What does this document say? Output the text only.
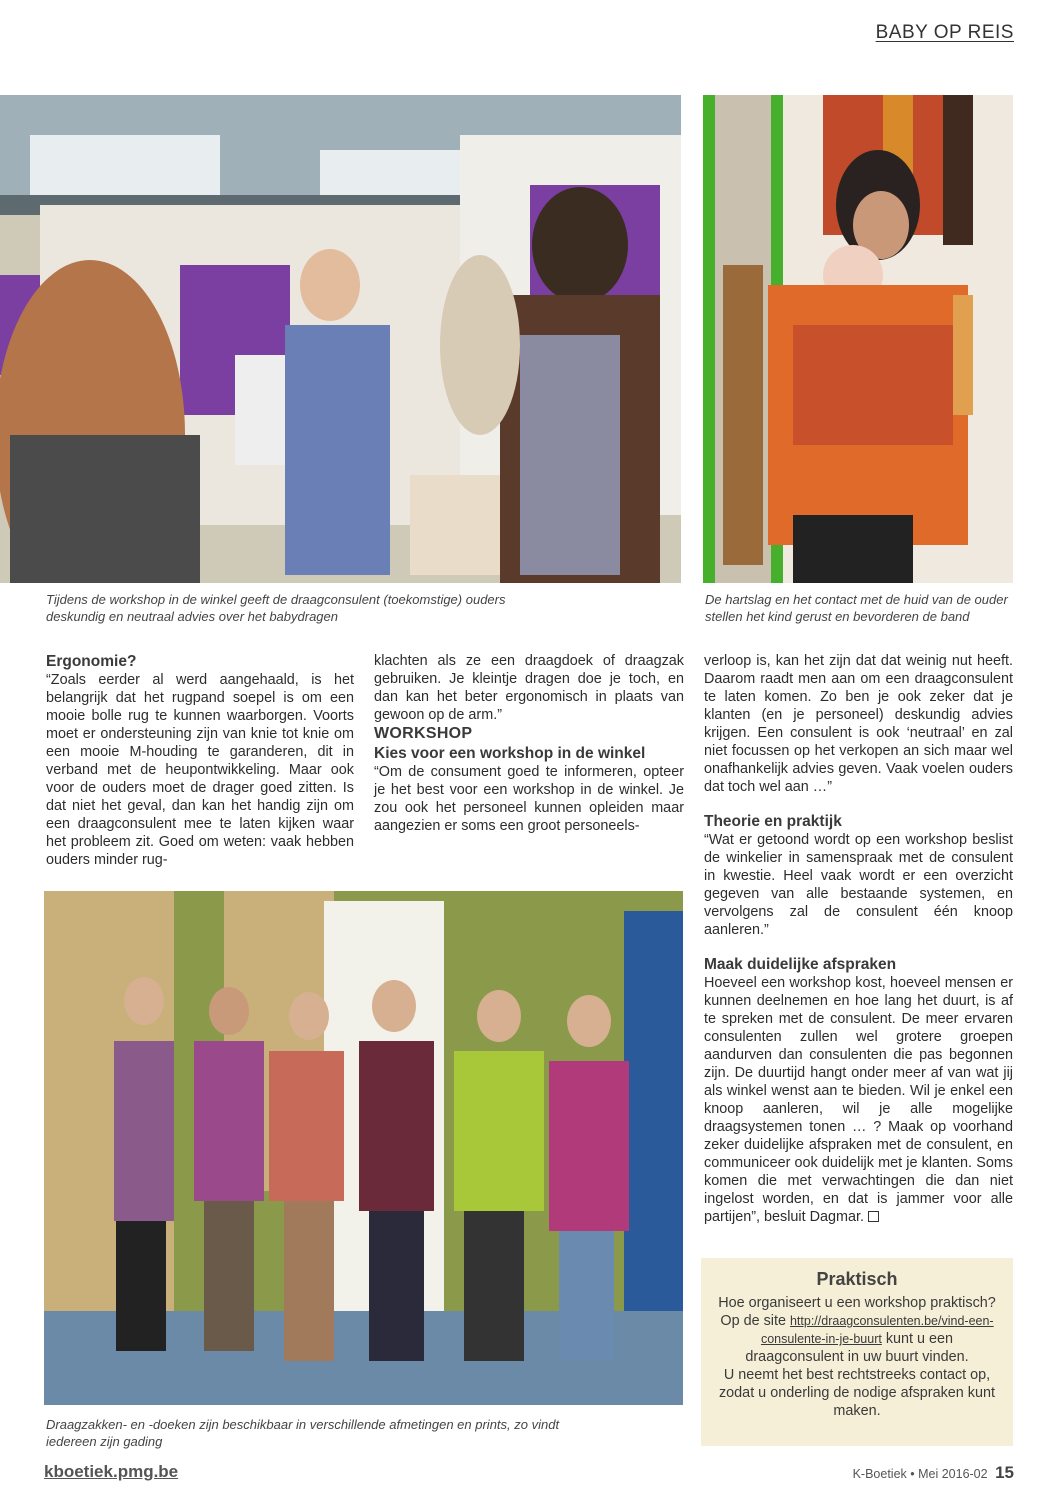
BABY OP REIS
Tijdens de workshop in de winkel geeft de draagconsulent (toekomstige) ouders deskundig en neutraal advies over het babydragen
De hartslag en het contact met de huid van de ouder stellen het kind gerust en bevorderen de band

Ergonomie?

“Zoals eerder al werd aangehaald, is het belangrijk dat het rugpand soepel is om een mooie bolle rug te kunnen waarborgen. Voorts moet er ondersteuning zijn van knie tot knie om een mooie M-houding te garanderen, dit in verband met de heupontwikkeling. Maar ook voor de ouders moet de drager goed zitten. Is dat niet het geval, dan kan het handig zijn om een draagconsulent mee te laten kijken waar het probleem zit. Goed om weten: vaak hebben ouders minder rug-

klachten als ze een draagdoek of draagzak gebruiken. Je kleintje dragen doe je toch, en dan kan het beter ergonomisch in plaats van gewoon op de arm.”

WORKSHOP

Kies voor een workshop in de winkel

“Om de consument goed te informeren, opteer je het best voor een workshop in de winkel. Je zou ook het personeel kunnen opleiden maar aangezien er soms een groot personeels-

verloop is, kan het zijn dat dat weinig nut heeft. Daarom raadt men aan om een draagconsulent te laten komen. Zo ben je ook zeker dat je klanten (en je personeel) deskundig advies krijgen. Een consulent is ook ‘neutraal’ en zal niet focussen op het verkopen an sich maar wel onafhankelijk advies geven. Vaak voelen ouders dat toch wel aan …”

Theorie en praktijk

“Wat er getoond wordt op een workshop beslist de winkelier in samenspraak met de consulent in kwestie. Heel vaak wordt er een overzicht gegeven van alle bestaande systemen, en vervolgens zal de consulent één knoop aanleren.”

Maak duidelijke afspraken

Hoeveel een workshop kost, hoeveel mensen er kunnen deelnemen en hoe lang het duurt, is af te spreken met de consulent. De meer ervaren consulenten zullen wel grotere groepen aandurven dan consulenten die pas begonnen zijn. De duurtijd hangt onder meer af van wat jij als winkel wenst aan te bieden. Wil je enkel een knoop aanleren, wil je alle mogelijke draagsystemen tonen … ? Maak op voorhand zeker duidelijke afspraken met de consulent, en communiceer ook duidelijk met je klanten. Soms komen die met verwachtingen die dan niet ingelost worden, en dat is jammer voor alle partijen”, besluit Dagmar.

Draagzakken- en -doeken zijn beschikbaar in verschillende afmetingen en prints, zo vindt iedereen zijn gading
Praktisch

Hoe organiseert u een workshop praktisch?

Op de site http://draagconsulenten.be/vind-een-consulente-in-je-buurt kunt u een draagconsulent in uw buurt vinden.

U neemt het best rechtstreeks contact op, zodat u onderling de nodige afspraken kunt maken.

kboetiek.pmg.be	K-Boetiek • Mei 2016-02 15
